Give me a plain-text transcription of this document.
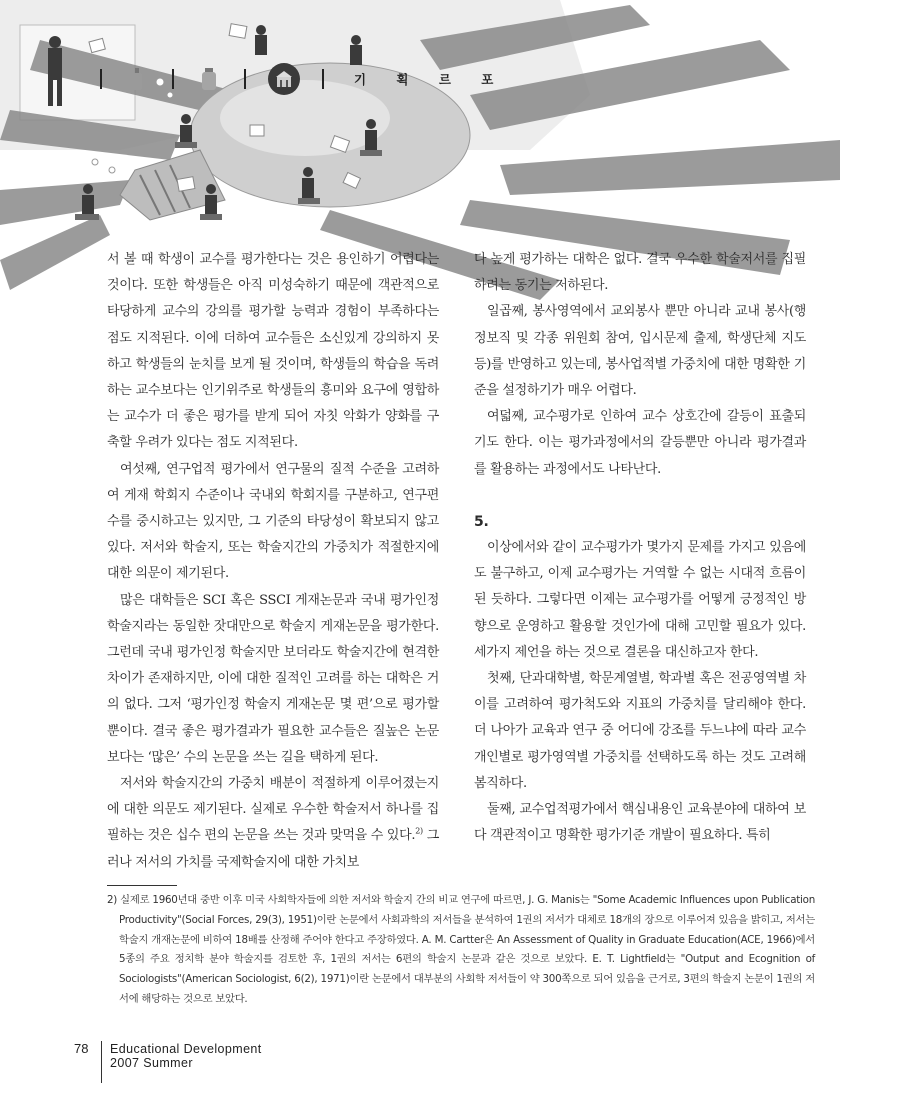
기 획 르 포

서 볼 때 학생이 교수를 평가한다는 것은 용인하기 어렵다는 것이다. 또한 학생들은 아직 미성숙하기 때문에 객관적으로 타당하게 교수의 강의를 평가할 능력과 경험이 부족하다는 점도 지적된다. 이에 더하여 교수들은 소신있게 강의하지 못하고 학생들의 눈치를 보게 될 것이며, 학생들의 학습을 독려하는 교수보다는 인기위주로 학생들의 흥미와 요구에 영합하는 교수가 더 좋은 평가를 받게 되어 자칫 악화가 양화를 구축할 우려가 있다는 점도 지적된다.

여섯째, 연구업적 평가에서 연구물의 질적 수준을 고려하여 게재 학회지 수준이나 국내외 학회지를 구분하고, 연구편수를 중시하고는 있지만, 그 기준의 타당성이 확보되지 않고 있다. 저서와 학술지, 또는 학술지간의 가중치가 적절한지에 대한 의문이 제기된다.

많은 대학들은 SCI 혹은 SSCI 게재논문과 국내 평가인정 학술지라는 동일한 잣대만으로 학술지 게재논문을 평가한다. 그런데 국내 평가인정 학술지만 보더라도 학술지간에 현격한 차이가 존재하지만, 이에 대한 질적인 고려를 하는 대학은 거의 없다. 그저 ‘평가인정 학술지 게재논문 몇 편’으로 평가할 뿐이다. 결국 좋은 평가결과가 필요한 교수들은 질높은 논문보다는 ‘많은’ 수의 논문을 쓰는 길을 택하게 된다.

저서와 학술지간의 가중치 배분이 적절하게 이루어졌는지에 대한 의문도 제기된다. 실제로 우수한 학술저서 하나를 집필하는 것은 십수 편의 논문을 쓰는 것과 맞먹을 수 있다.$^{2)}$ 그러나 저서의 가치를 국제학술지에 대한 가치보

다 높게 평가하는 대학은 없다. 결국 우수한 학술저서를 집필하려는 동기는 저하된다.

일곱째, 봉사영역에서 교외봉사 뿐만 아니라 교내 봉사(행정보직 및 각종 위원회 참여, 입시문제 출제, 학생단체 지도 등)를 반영하고 있는데, 봉사업적별 가중치에 대한 명확한 기준을 설정하기가 매우 어렵다.

여덟째, 교수평가로 인하여 교수 상호간에 갈등이 표출되기도 한다. 이는 평가과정에서의 갈등뿐만 아니라 평가결과를 활용하는 과정에서도 나타난다.

5.

이상에서와 같이 교수평가가 몇가지 문제를 가지고 있음에도 불구하고, 이제 교수평가는 거역할 수 없는 시대적 흐름이 된 듯하다. 그렇다면 이제는 교수평가를 어떻게 긍정적인 방향으로 운영하고 활용할 것인가에 대해 고민할 필요가 있다. 세가지 제언을 하는 것으로 결론을 대신하고자 한다.

첫째, 단과대학별, 학문계열별, 학과별 혹은 전공영역별 차이를 고려하여 평가척도와 지표의 가중치를 달리해야 한다. 더 나아가 교육과 연구 중 어디에 강조를 두느냐에 따라 교수 개인별로 평가영역별 가중치를 선택하도록 하는 것도 고려해 봄직하다.

둘째, 교수업적평가에서 핵심내용인 교육분야에 대하여 보다 객관적이고 명확한 평가기준 개발이 필요하다. 특히

2) 실제로 1960년대 중반 이후 미국 사회학자들에 의한 저서와 학술지 간의 비교 연구에 따르면, J. G. Manis는 "Some Academic Influences upon Publication Productivity"(Social Forces, 29(3), 1951)이란 논문에서 사회과학의 저서들을 분석하여 1권의 저서가 대체로 18개의 장으로 이루어져 있음을 밝히고, 저서는 학술지 개재논문에 비하여 18배를 산정해 주어야 한다고 주장하였다. A. M. Cartter은 An Assessment of Quality in Graduate Education(ACE, 1966)에서 5종의 주요 정치학 분야 학술지를 검토한 후, 1권의 저서는 6편의 학술지 논문과 같은 것으로 보았다. E. T. Lightfield는 "Output and Ecognition of Sociologists"(American Sociologist, 6(2), 1971)이란 논문에서 대부분의 사회학 저서들이 약 300쪽으로 되어 있음을 근거로, 3편의 학술지 논문이 1권의 저서에 해당하는 것으로 보았다.
78 Educational Development
2007 Summer
